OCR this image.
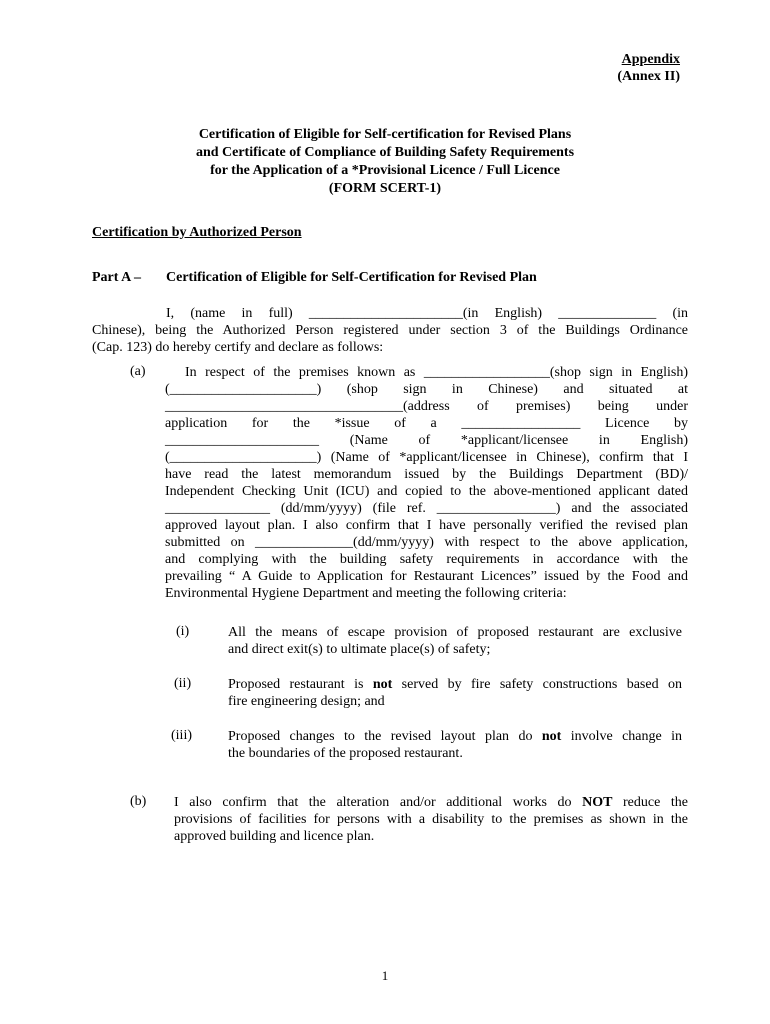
Appendix
(Annex II)
Certification of Eligible for Self-certification for Revised Plans
and Certificate of Compliance of Building Safety Requirements
for the Application of a *Provisional Licence / Full Licence
(FORM SCERT-1)
Certification by Authorized Person
Part A – Certification of Eligible for Self-Certification for Revised Plan
I, (name in full) ______________________(in English) ______________ (in
Chinese), being the Authorized Person registered under section 3 of the Buildings Ordinance
(Cap. 123) do hereby certify and declare as follows:
(a)	In respect of the premises known as __________________(shop sign in English)
(_____________________) (shop sign in Chinese) and situated at
__________________________________(address of premises) being under
application for the *issue of a _________________ Licence by
______________________ (Name of *applicant/licensee in English)
(_____________________) (Name of *applicant/licensee in Chinese), confirm that I
have read the latest memorandum issued by the Buildings Department (BD)/
Independent Checking Unit (ICU) and copied to the above-mentioned applicant dated
_______________ (dd/mm/yyyy) (file ref. _________________) and the associated
approved layout plan. I also confirm that I have personally verified the revised plan
submitted on ______________(dd/mm/yyyy) with respect to the above application,
and complying with the building safety requirements in accordance with the
prevailing “ A Guide to Application for Restaurant Licences” issued by the Food and
Environmental Hygiene Department and meeting the following criteria:
(i)	All the means of escape provision of proposed restaurant are exclusive
and direct exit(s) to ultimate place(s) of safety;
(ii)	Proposed restaurant is not served by fire safety constructions based on
fire engineering design; and
(iii)	Proposed changes to the revised layout plan do not involve change in
the boundaries of the proposed restaurant.
(b) I also confirm that the alteration and/or additional works do NOT reduce the
provisions of facilities for persons with a disability to the premises as shown in the
approved building and licence plan.
1
